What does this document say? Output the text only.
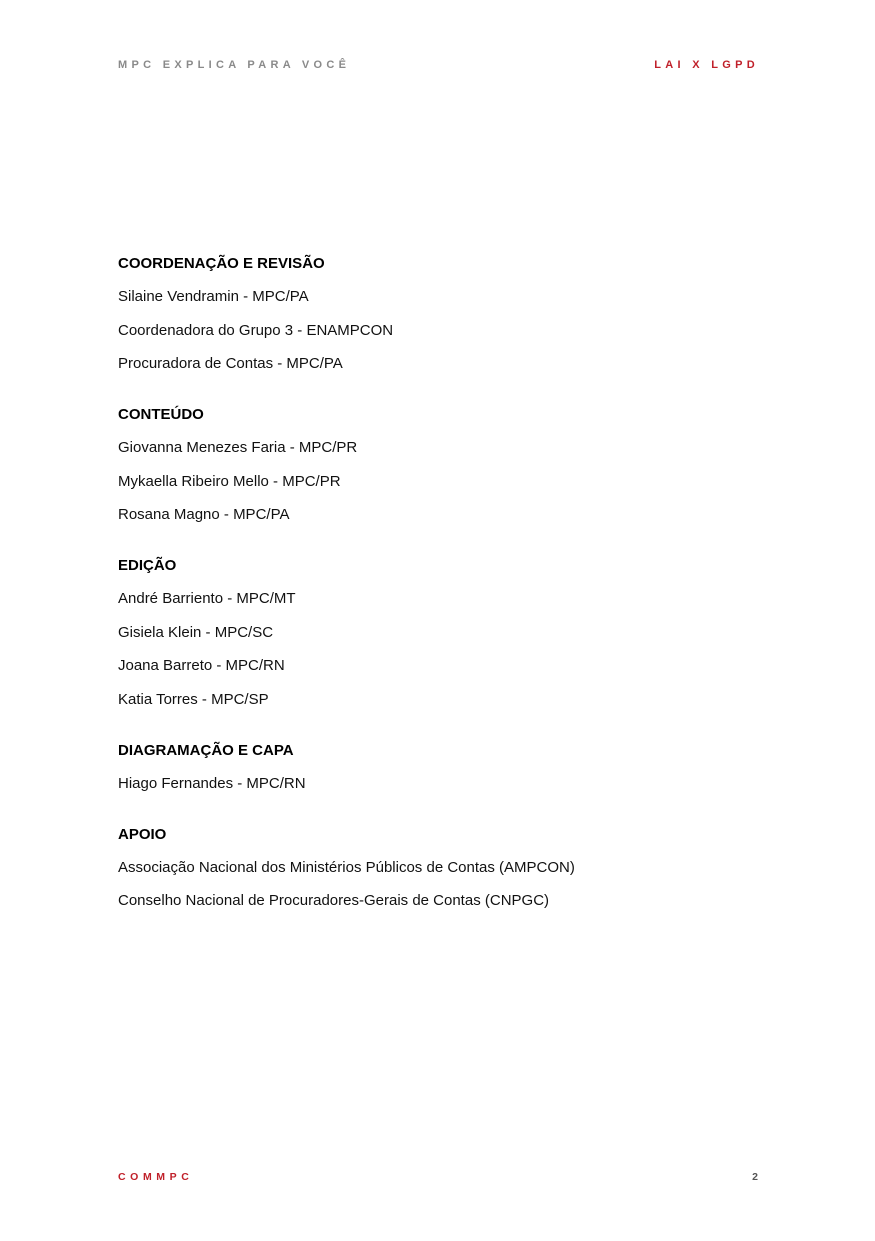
MPC EXPLICA PARA VOCÊ	LAI X LGPD
COORDENAÇÃO E REVISÃO
Silaine Vendramin - MPC/PA
Coordenadora do Grupo 3 - ENAMPCON
Procuradora de Contas - MPC/PA
CONTEÚDO
Giovanna Menezes Faria - MPC/PR
Mykaella Ribeiro Mello - MPC/PR
Rosana Magno - MPC/PA
EDIÇÃO
André Barriento - MPC/MT
Gisiela Klein - MPC/SC
Joana Barreto - MPC/RN
Katia Torres - MPC/SP
DIAGRAMAÇÃO E CAPA
Hiago Fernandes - MPC/RN
APOIO
Associação Nacional dos Ministérios Públicos de Contas (AMPCON)
Conselho Nacional de Procuradores-Gerais de Contas (CNPGC)
COMMPC	2
